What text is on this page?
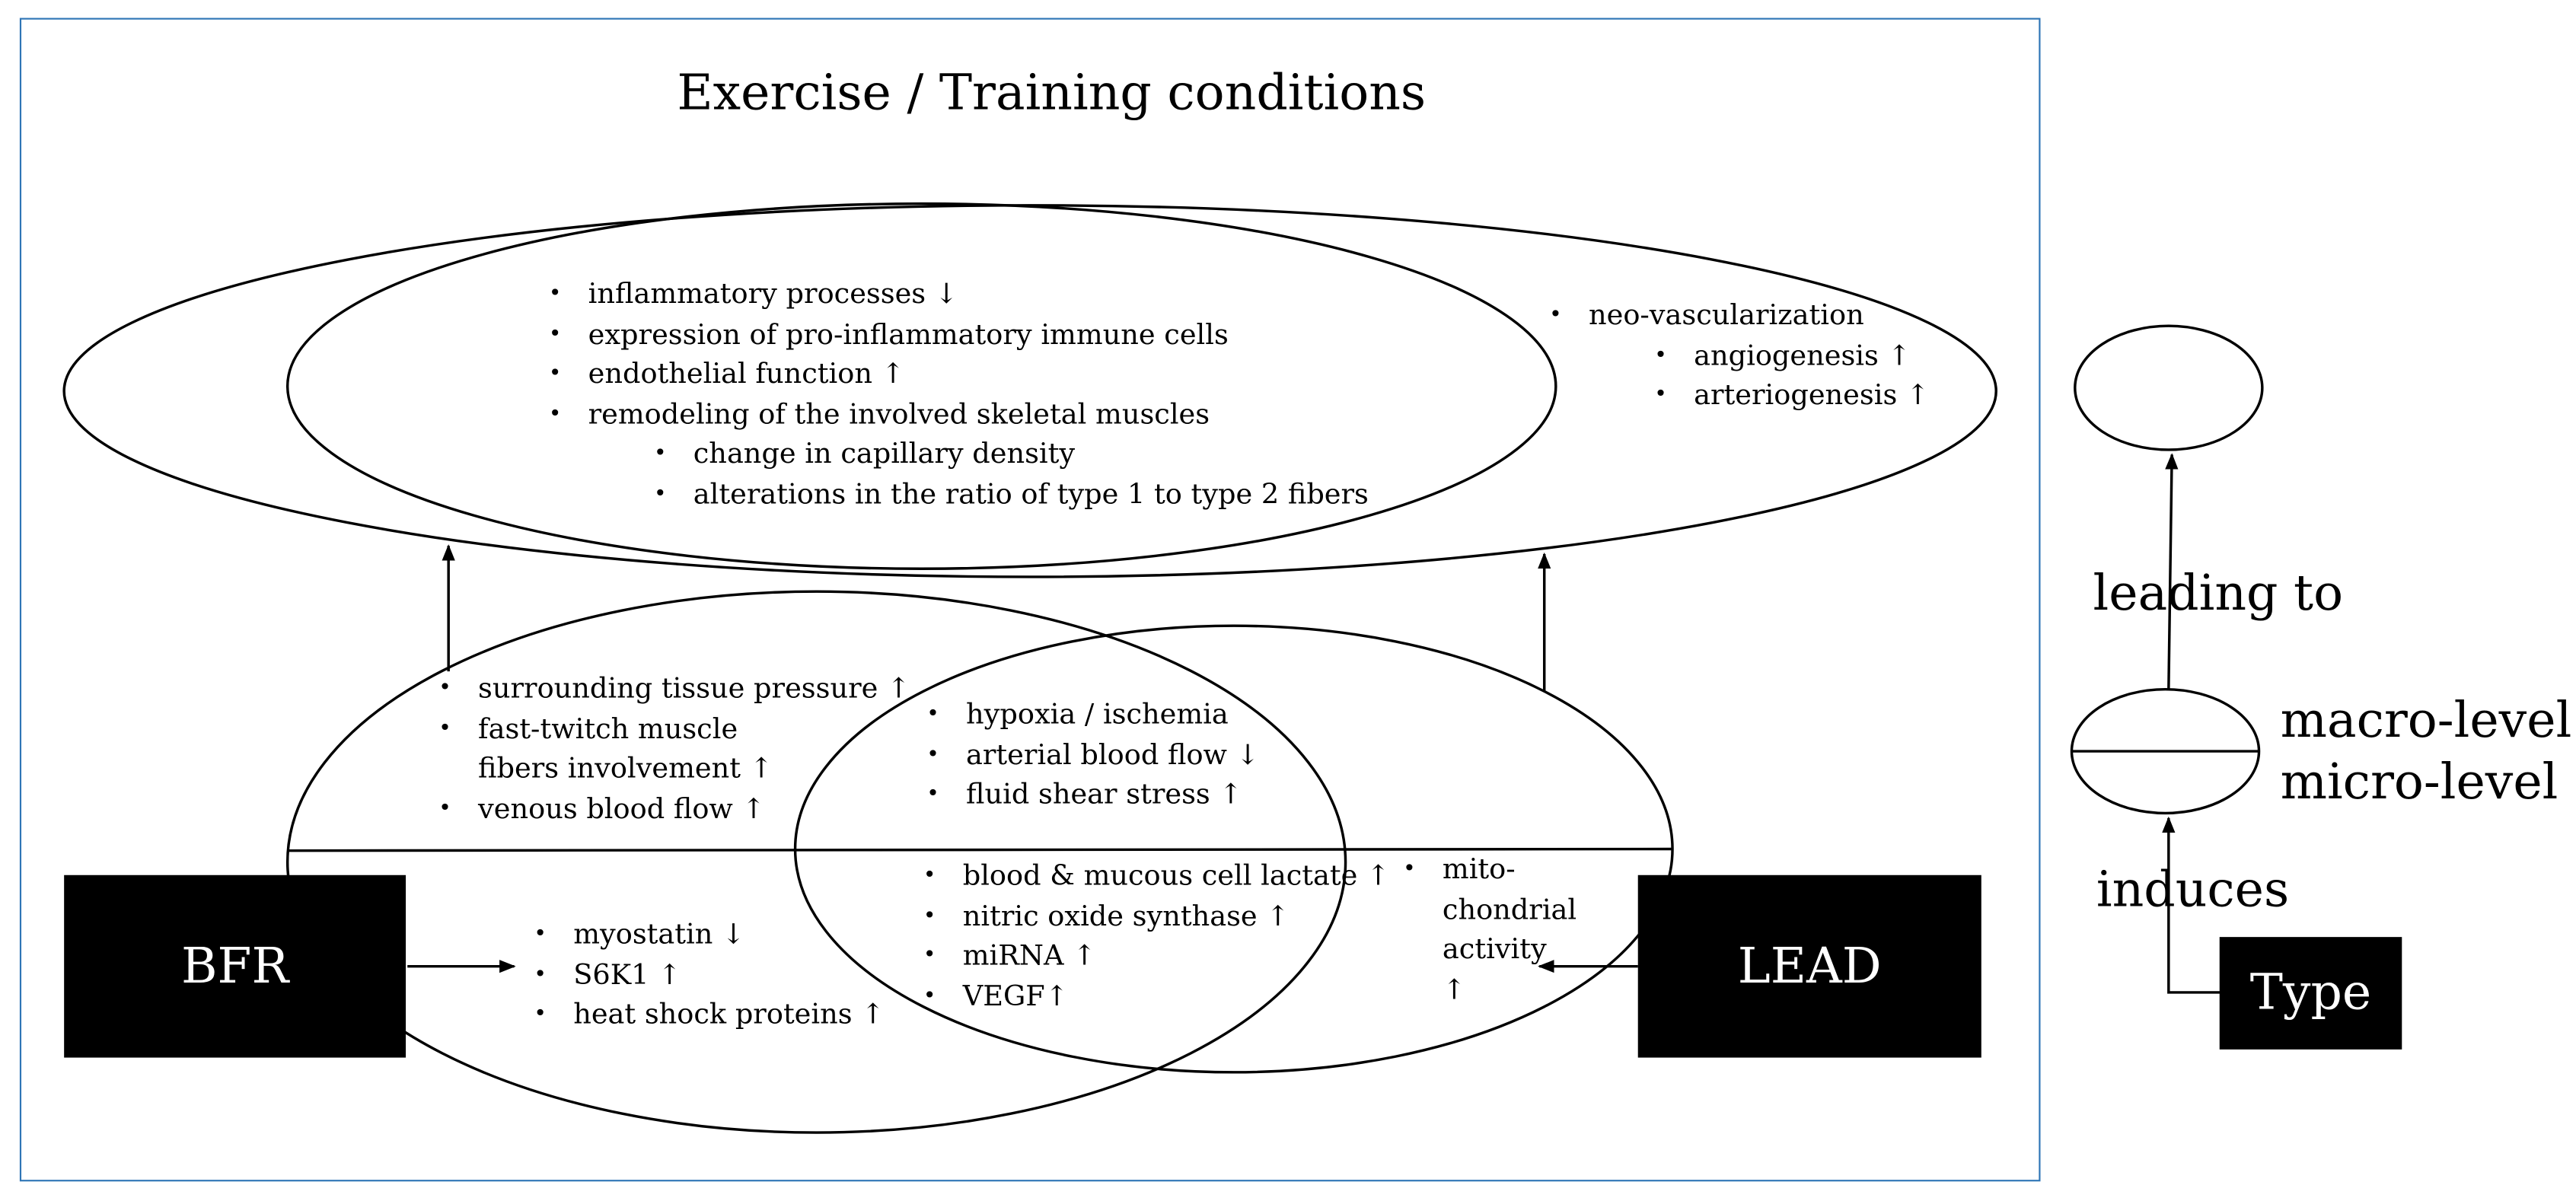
Exercise / Training conditions
• inflammatory processes ↓
• expression of pro-inflammatory immune cells
• endothelial function ↑
• remodeling of the involved skeletal muscles
• change in capillary density
• alterations in the ratio of type 1 to type 2 fibers
• neo-vascularization
• angiogenesis ↑
• arteriogenesis ↑
• surrounding tissue pressure ↑
• fast-twitch muscle
fibers involvement ↑
• venous blood flow ↑
• hypoxia / ischemia
• arterial blood flow ↓
• fluid shear stress ↑
• myostatin ↓
• S6K1 ↑
• heat shock proteins ↑
• blood & mucous cell lactate ↑
• nitric oxide synthase ↑
• miRNA ↑
• VEGF↑
• mito-
chondrial
activity
↑
BFR	LEAD	Type
leading to
macro-level
micro-level
induces
